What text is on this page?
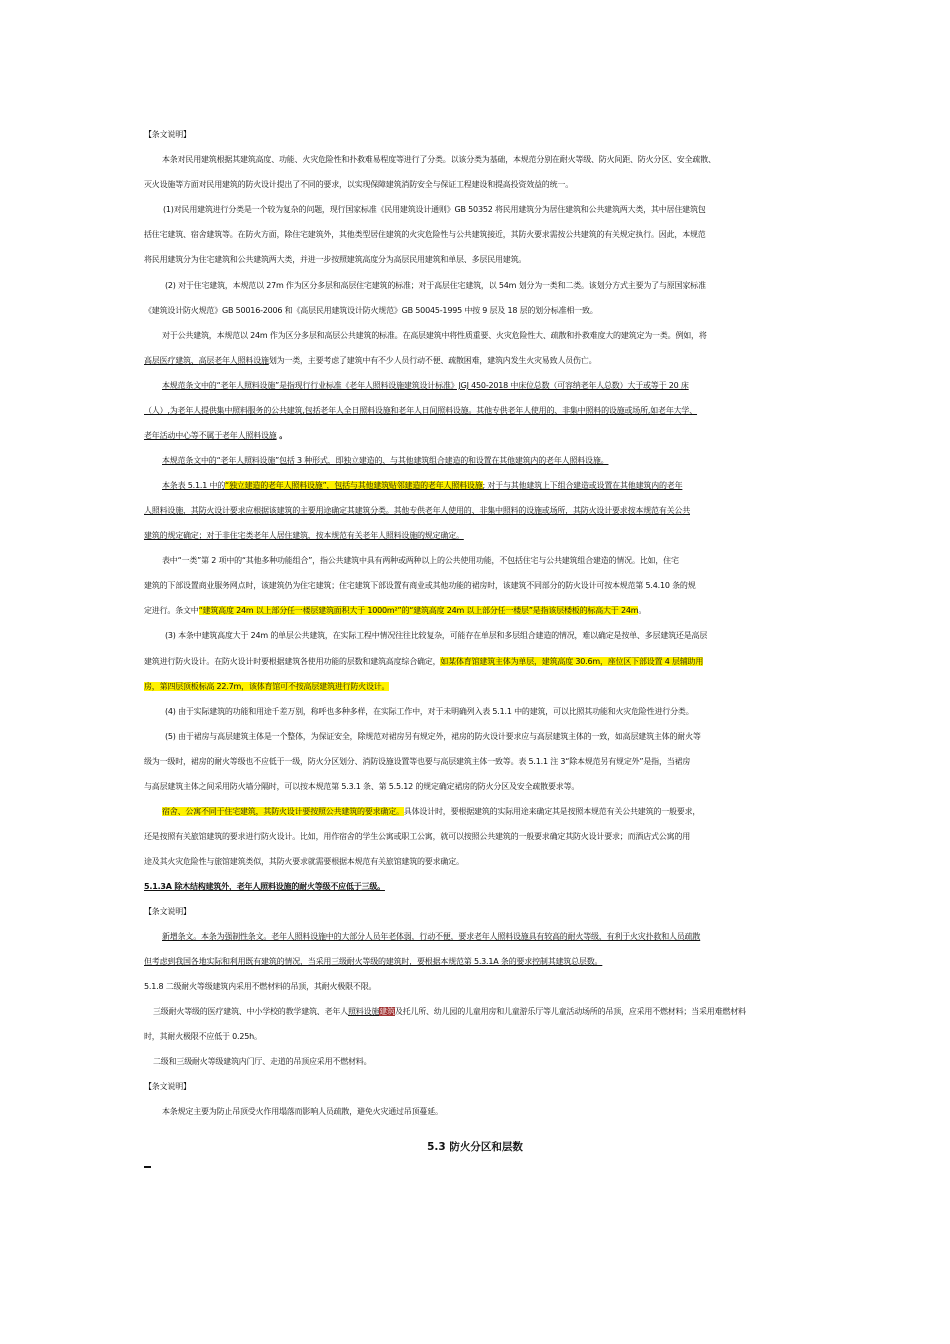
【条文说明】
本条对民用建筑根据其建筑高度、功能、火灾危险性和扑救难易程度等进行了分类。以该分类为基础，本规范分别在耐火等级、防火间距、防火分区、安全疏散、
灭火设施等方面对民用建筑的防火设计提出了不同的要求，以实现保障建筑消防安全与保证工程建设和提高投资效益的统一。
(1)对民用建筑进行分类是一个较为复杂的问题，现行国家标准《民用建筑设计通则》GB 50352 将民用建筑分为居住建筑和公共建筑两大类，其中居住建筑包
括住宅建筑、宿舍建筑等。在防火方面，除住宅建筑外，其他类型居住建筑的火灾危险性与公共建筑接近，其防火要求需按公共建筑的有关规定执行。因此，本规范
将民用建筑分为住宅建筑和公共建筑两大类，并进一步按照建筑高度分为高层民用建筑和单层、多层民用建筑。
(2) 对于住宅建筑，本规范以 27m 作为区分多层和高层住宅建筑的标准；对于高层住宅建筑，以 54m 划分为一类和二类。该划分方式主要为了与原国家标准
《建筑设计防火规范》GB 50016-2006 和《高层民用建筑设计防火规范》GB 50045-1995 中按 9 层及 18 层的划分标准相一致。
对于公共建筑，本规范以 24m 作为区分多层和高层公共建筑的标准。在高层建筑中将性质重要、火灾危险性大、疏散和扑救难度大的建筑定为一类。例如，将
高层医疗建筑、高层老年人照料设施划为一类，主要考虑了建筑中有不少人员行动不便、疏散困难，建筑内发生火灾易致人员伤亡。
本规范条文中的“老年人照料设施”是指现行行业标准《老年人照料设施建筑设计标准》JGJ 450-2018 中床位总数（可容纳老年人总数）大于或等于 20 床
（人）,为老年人提供集中照料服务的公共建筑,包括老年人全日照料设施和老年人日间照料设施。其他专供老年人使用的、非集中照料的设施或场所,如老年大学、
老年活动中心等不属于老年人照料设施 。
本规范条文中的“老年人照料设施”包括 3 种形式，即独立建造的、与其他建筑组合建造的和设置在其他建筑内的老年人照料设施。
本条表 5.1.1 中的“独立建造的老年人照料设施”，包括与其他建筑贴邻建造的老年人照料设施; 对于与其他建筑上下组合建造或设置在其他建筑内的老年
人照料设施，其防火设计要求应根据该建筑的主要用途确定其建筑分类。其他专供老年人使用的、非集中照料的设施或场所，其防火设计要求按本规范有关公共
建筑的规定确定；对于非住宅类老年人居住建筑，按本规范有关老年人照料设施的规定确定。
表中“一类”第 2 项中的“其他多种功能组合”，指公共建筑中具有两种或两种以上的公共使用功能，不包括住宅与公共建筑组合建造的情况。比如，住宅
建筑的下部设置商业服务网点时，该建筑仍为住宅建筑；住宅建筑下部设置有商业或其他功能的裙房时，该建筑不同部分的防火设计可按本规范第 5.4.10 条的规
定进行。条文中“建筑高度 24m 以上部分任一楼层建筑面积大于 1000m²”的“建筑高度 24m 以上部分任一楼层”是指该层楼板的标高大于 24m。
(3) 本条中建筑高度大于 24m 的单层公共建筑，在实际工程中情况往往比较复杂，可能存在单层和多层组合建造的情况，难以确定是按单、多层建筑还是高层
建筑进行防火设计。在防火设计时要根据建筑各使用功能的层数和建筑高度综合确定，如某体育馆建筑主体为单层，建筑高度 30.6m，座位区下部设置 4 层辅助用
房，第四层顶板标高 22.7m，该体育馆可不按高层建筑进行防火设计。
(4) 由于实际建筑的功能和用途千差万别，称呼也多种多样，在实际工作中，对于未明确列入表 5.1.1 中的建筑，可以比照其功能和火灾危险性进行分类。
(5) 由于裙房与高层建筑主体是一个整体，为保证安全，除规范对裙房另有规定外，裙房的防火设计要求应与高层建筑主体的一致，如高层建筑主体的耐火等
级为一级时，裙房的耐火等级也不应低于一级，防火分区划分、消防设施设置等也要与高层建筑主体一致等。表 5.1.1 注 3“除本规范另有规定外”是指，当裙房
与高层建筑主体之间采用防火墙分隔时，可以按本规范第 5.3.1 条、第 5.5.12 的规定确定裙房的防火分区及安全疏散要求等。
宿舍、公寓不同于住宅建筑，其防火设计要按照公共建筑的要求确定。具体设计时，要根据建筑的实际用途来确定其是按照本规范有关公共建筑的一般要求，
还是按照有关旅馆建筑的要求进行防火设计。比如，用作宿舍的学生公寓或职工公寓，就可以按照公共建筑的一般要求确定其防火设计要求；而酒店式公寓的用
途及其火灾危险性与旅馆建筑类似，其防火要求就需要根据本规范有关旅馆建筑的要求确定。
5.1.3A 除木结构建筑外，老年人照料设施的耐火等级不应低于三级。
【条文说明】
新增条文。本条为强制性条文。老年人照料设施中的大部分人员年老体弱，行动不便，要求老年人照料设施具有较高的耐火等级，有利于火灾扑救和人员疏散
但考虑到我国各地实际和利用既有建筑的情况，当采用三级耐火等级的建筑时，要根据本规范第 5.3.1A 条的要求控制其建筑总层数。
5.1.8 二级耐火等级建筑内采用不燃材料的吊顶，其耐火极限不限。
三级耐火等级的医疗建筑、中小学校的教学建筑、老年人照料设施建筑及托儿所、幼儿园的儿童用房和儿童游乐厅等儿童活动场所的吊顶，应采用不燃材料；当采用难燃材料
时，其耐火极限不应低于 0.25h。
二级和三级耐火等级建筑内门厅、走道的吊顶应采用不燃材料。
【条文说明】
本条规定主要为防止吊顶受火作用塌落而影响人员疏散，避免火灾通过吊顶蔓延。
5.3 防火分区和层数
